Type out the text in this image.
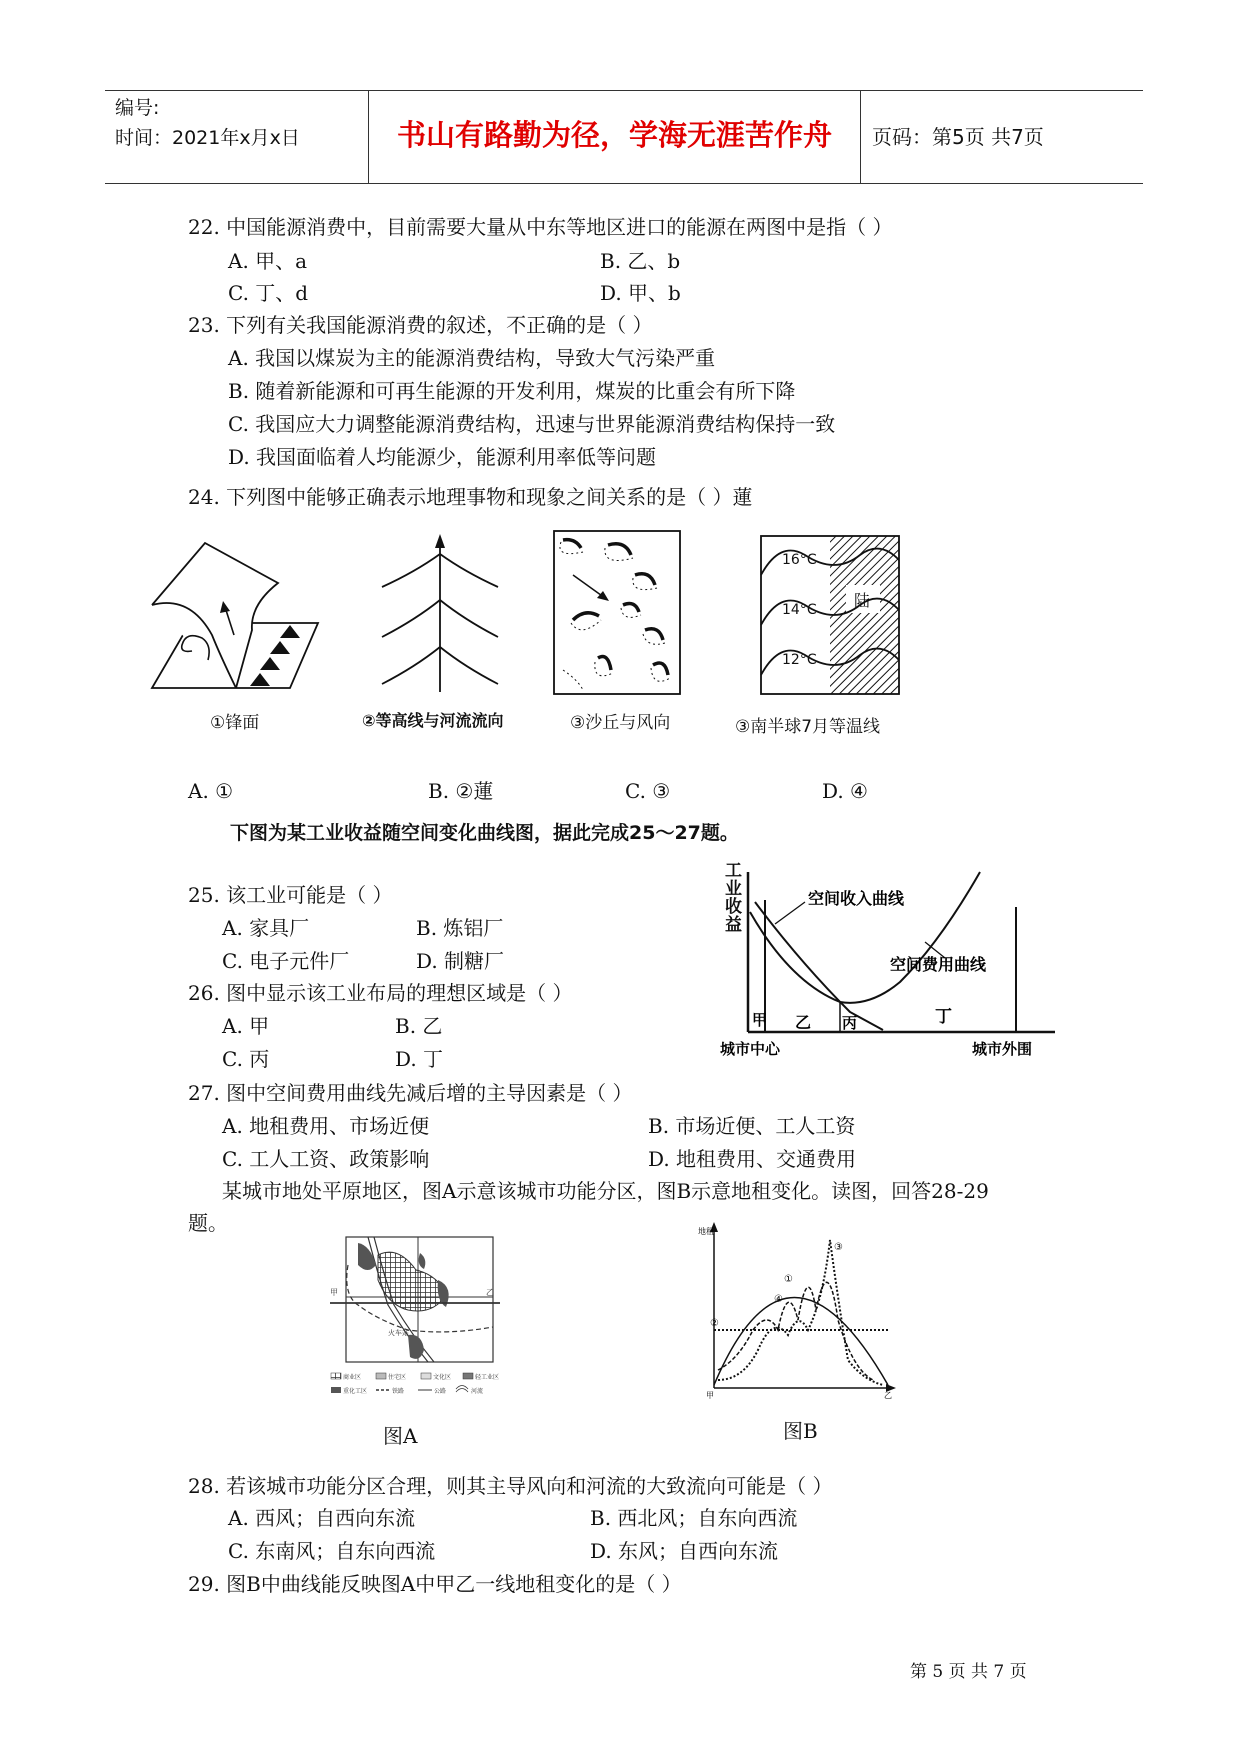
编号:
时间：2021年x月x日	书山有路勤为径，学海无涯苦作舟	页码：第5页 共7页
22. 中国能源消费中，目前需要大量从中东等地区进口的能源在两图中是指（ ）
A. 甲、a	B. 乙、b
C. 丁、d	D. 甲、b
23. 下列有关我国能源消费的叙述，不正确的是（ ）
A. 我国以煤炭为主的能源消费结构，导致大气污染严重
B. 随着新能源和可再生能源的开发利用，煤炭的比重会有所下降
C. 我国应大力调整能源消费结构，迅速与世界能源消费结构保持一致
D. 我国面临着人均能源少，能源利用率低等问题
24. 下列图中能够正确表示地理事物和现象之间关系的是（ ）蓮
①锋面	②等高线与河流流向	③沙丘与风向
陆
16°C
14°C
12°C
③南半球7月等温线
A. ①	B. ②蓮	C. ③	D. ④
下图为某工业收益随空间变化曲线图，据此完成25～27题。
25. 该工业可能是（ ）
A. 家具厂	B. 炼铝厂
C. 电子元件厂	D. 制糖厂
26. 图中显示该工业布局的理想区域是（ ）
A. 甲	B. 乙
C. 丙	D. 丁
工
业
收
益
空间收入曲线
空间费用曲线
甲 乙 丙	丁
城市中心	城市外围
27. 图中空间费用曲线先减后增的主导因素是（ ）
A. 地租费用、市场近便	B. 市场近便、工人工资
C. 工人工资、政策影响	D. 地租费用、交通费用
某城市地处平原地区，图A示意该城市功能分区，图B示意地租变化。读图，回答28-29
题。
甲	乙
火车站
商业区	住宅区	文化区	轻工业区
重化工区	铁路	公路	河流
图A
地租
甲	乙
①
②
③
④
图B
28. 若该城市功能分区合理，则其主导风向和河流的大致流向可能是（ ）
A. 西风；自西向东流	B. 西北风；自东向西流
C. 东南风；自东向西流	D. 东风；自西向东流
29. 图B中曲线能反映图A中甲乙一线地租变化的是（ ）
第 5 页 共 7 页
